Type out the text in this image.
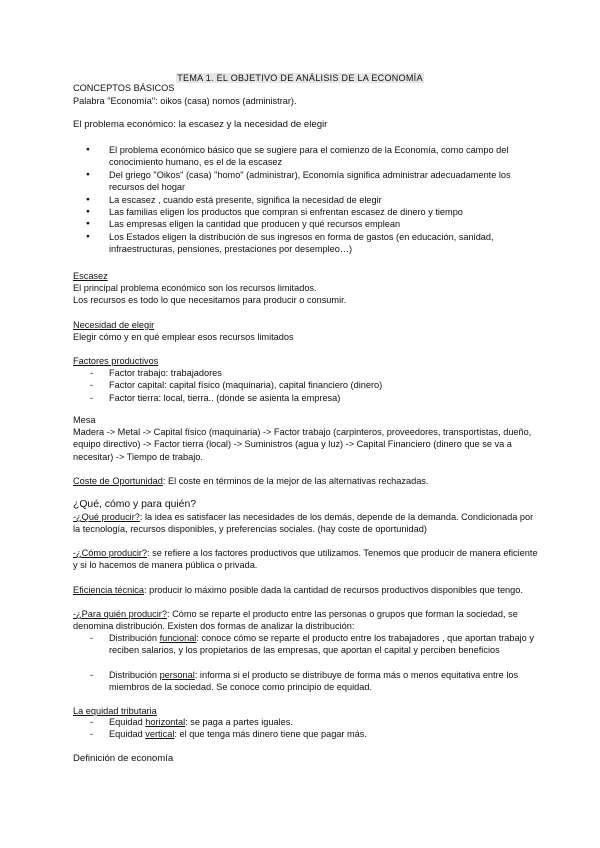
TEMA 1. EL OBJETIVO DE ANÁLISIS DE LA ECONOMÍA
CONCEPTOS BÁSICOS
Palabra "Economía": oikos (casa) nomos (administrar).
El problema económico: la escasez y la necesidad de elegir
● El problema económico básico que se sugiere para el comienzo de la Economía, como campo del conocimiento humano, es el de la escasez
● Del griego "Oikos" (casa) "homo" (administrar), Economía significa administrar adecuadamente los recursos del hogar
● La escasez , cuando está presente, significa la necesidad de elegir
● Las familias eligen los productos que compran si enfrentan escasez de dinero y tiempo
● Las empresas eligen la cantidad que producen y qué recursos emplean
● Los Estados eligen la distribución de sus ingresos en forma de gastos (en educación, sanidad, infraestructuras, pensiones, prestaciones por desempleo…)
Escasez
El principal problema económico son los recursos limitados.
Los recursos es todo lo que necesitamos para producir o consumir.
Necesidad de elegir
Elegir cómo y en qué emplear esos recursos limitados
Factores productivos
- Factor trabajo: trabajadores
- Factor capital: capital físico (maquinaria), capital financiero (dinero)
- Factor tierra: local, tierra.. (donde se asienta la empresa)
Mesa
Madera -> Metal -> Capital físico (maquinaria) -> Factor trabajo (carpinteros, proveedores, transportistas, dueño, equipo directivo) -> Factor tierra (local) -> Suministros (agua y luz) -> Capital Financiero (dinero que se va a necesitar) -> Tiempo de trabajo.

Coste de Oportunidad: El coste en términos de la mejor de las alternativas rechazadas.

¿Qué, cómo y para quién?

-¿Qué producir?: la idea es satisfacer las necesidades de los demás, depende de la demanda. Condicionada por la tecnología, recursos disponibles, y preferencias sociales. (hay coste de oportunidad)

-¿Cómo producir?: se refiere a los factores productivos que utilizamos. Tenemos que producir de manera eficiente y si lo hacemos de manera pública o privada.

Eficiencia técnica: producir lo máximo posible dada la cantidad de recursos productivos disponibles que tengo.

-¿Para quién producir?: Cómo se reparte el producto entre las personas o grupos que forman la sociedad, se denomina distribución. Existen dos formas de analizar la distribución:

- Distribución funcional: conoce cómo se reparte el producto entre los trabajadores , que aportan trabajo y reciben salarios, y los propietarios de las empresas, que aportan el capital y perciben beneficios
- Distribución personal: informa si el producto se distribuye de forma más o menos equitativa entre los miembros de la sociedad. Se conoce como principio de equidad.
La equidad tributaria
- Equidad horizontal: se paga a partes iguales.
- Equidad vertical: el que tenga más dinero tiene que pagar más.
Definición de economía
